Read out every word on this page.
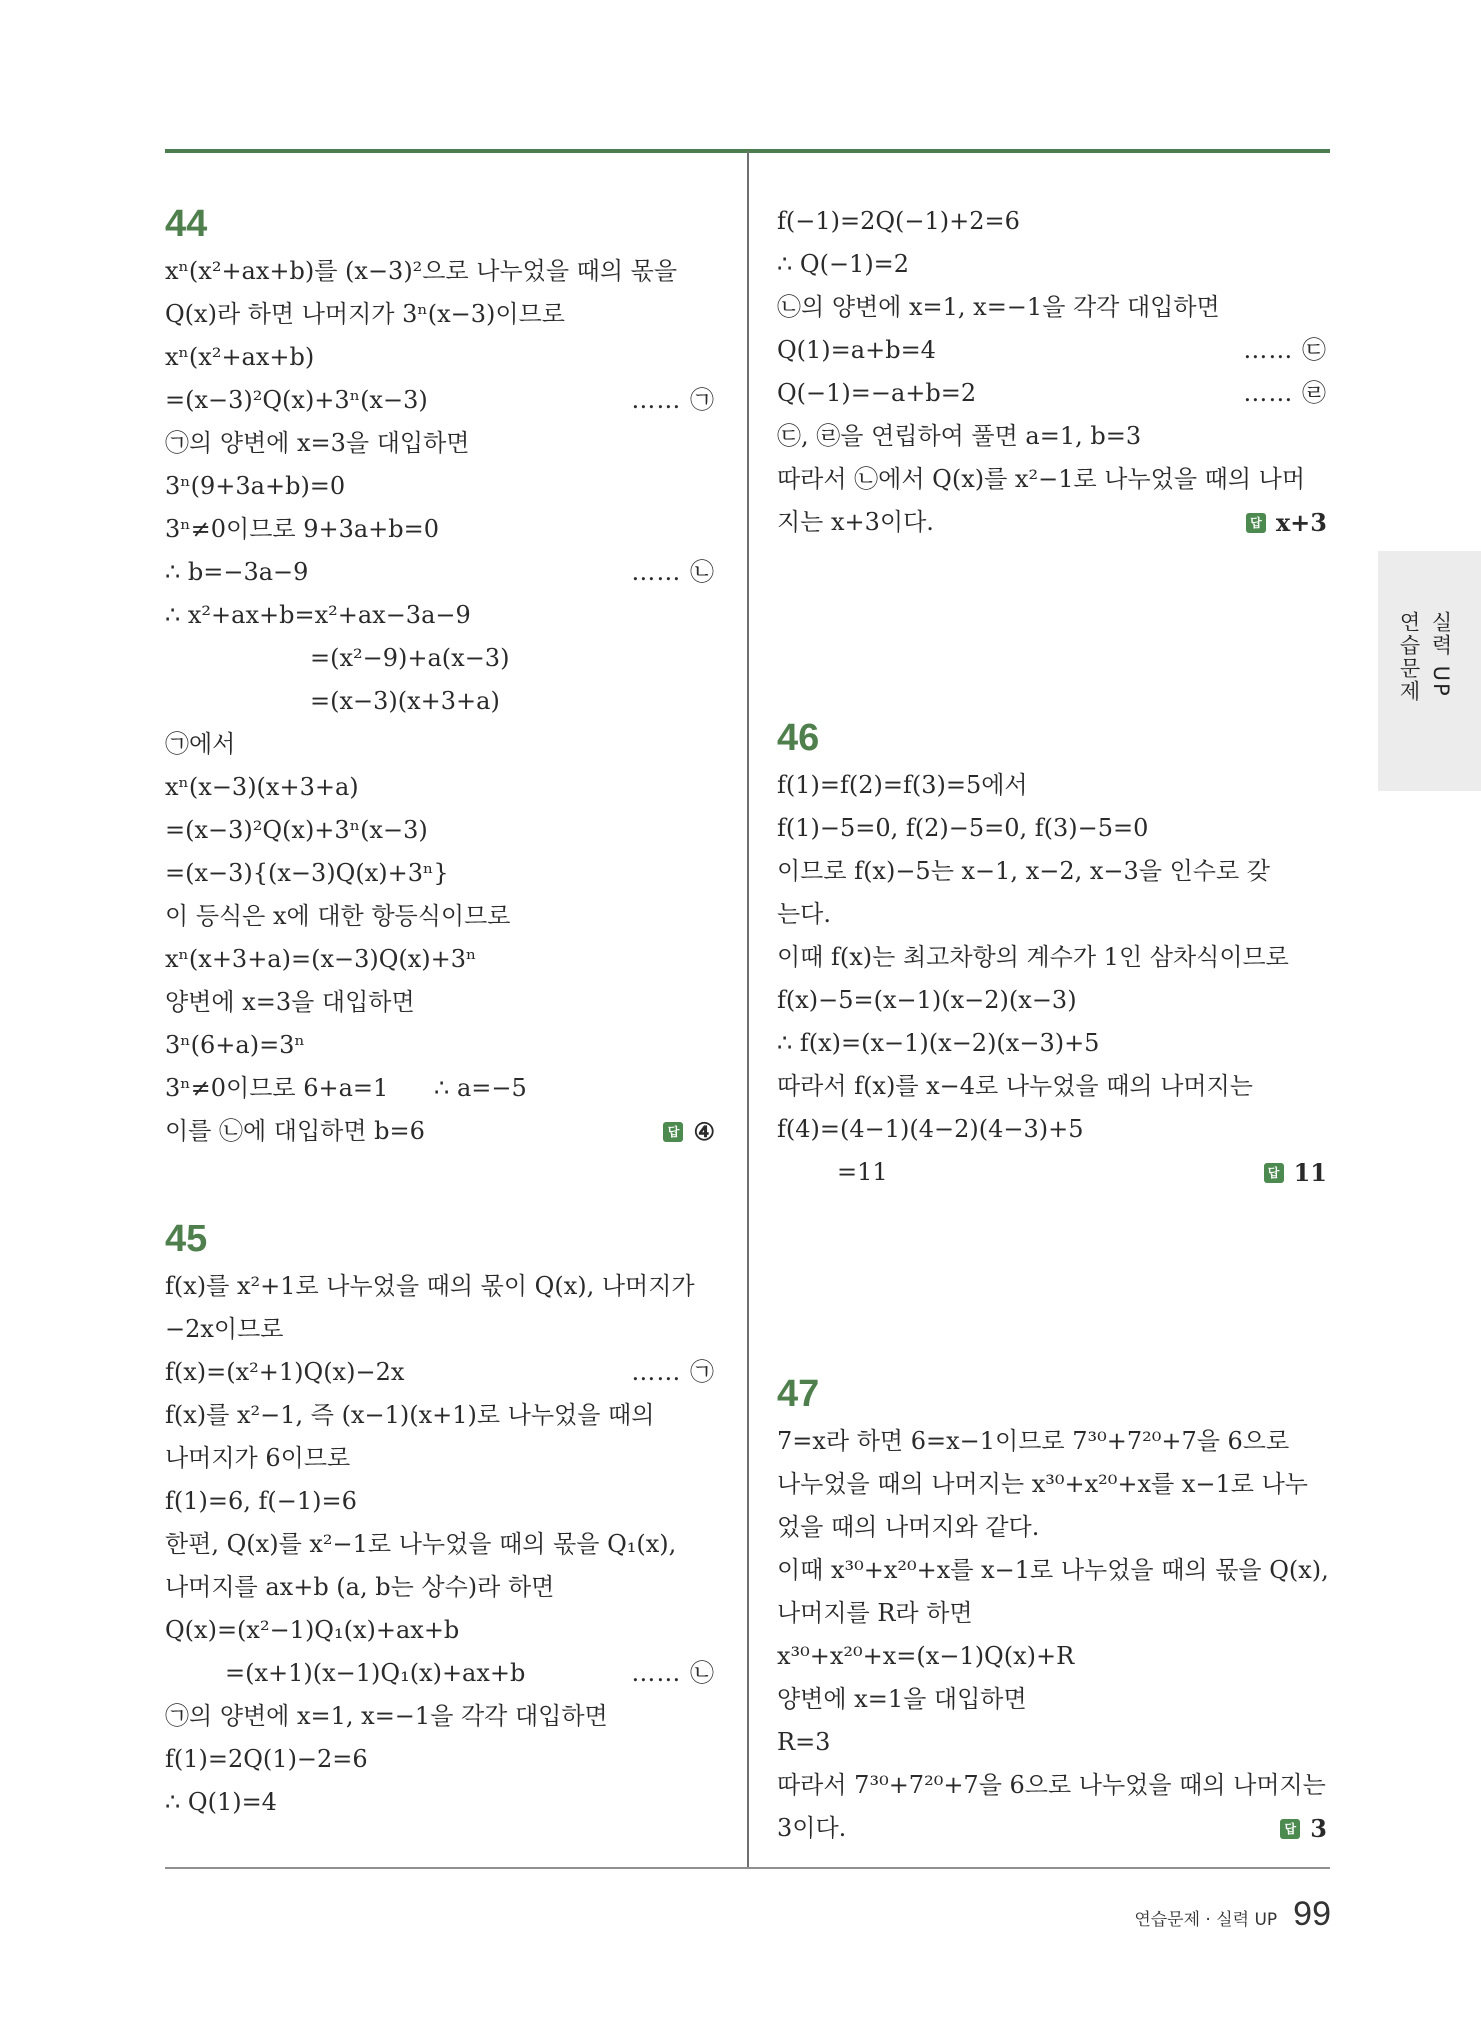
44
xⁿ(x²+ax+b)를 (x−3)²으로 나누었을 때의 몫을
Q(x)라 하면 나머지가 3ⁿ(x−3)이므로
xⁿ(x²+ax+b)
=(x−3)²Q(x)+3ⁿ(x−3)	…… ㉠
㉠의 양변에 x=3을 대입하면
3ⁿ(9+3a+b)=0
3ⁿ≠0이므로 9+3a+b=0
∴ b=−3a−9	…… ㉡
∴ x²+ax+b=x²+ax−3a−9
=(x²−9)+a(x−3)
=(x−3)(x+3+a)
㉠에서
xⁿ(x−3)(x+3+a)
=(x−3)²Q(x)+3ⁿ(x−3)
=(x−3){(x−3)Q(x)+3ⁿ}
이 등식은 x에 대한 항등식이므로
xⁿ(x+3+a)=(x−3)Q(x)+3ⁿ
양변에 x=3을 대입하면
3ⁿ(6+a)=3ⁿ
3ⁿ≠0이므로 6+a=1      ∴ a=−5
이를 ㉡에 대입하면 b=6	답 ④
45
f(x)를 x²+1로 나누었을 때의 몫이 Q(x), 나머지가
−2x이므로
f(x)=(x²+1)Q(x)−2x	…… ㉠
f(x)를 x²−1, 즉 (x−1)(x+1)로 나누었을 때의
나머지가 6이므로
f(1)=6, f(−1)=6
한편, Q(x)를 x²−1로 나누었을 때의 몫을 Q₁(x),
나머지를 ax+b (a, b는 상수)라 하면
Q(x)=(x²−1)Q₁(x)+ax+b
=(x+1)(x−1)Q₁(x)+ax+b	…… ㉡
㉠의 양변에 x=1, x=−1을 각각 대입하면
f(1)=2Q(1)−2=6
∴ Q(1)=4
f(−1)=2Q(−1)+2=6
∴ Q(−1)=2
㉡의 양변에 x=1, x=−1을 각각 대입하면
Q(1)=a+b=4	…… ㉢
Q(−1)=−a+b=2	…… ㉣
㉢, ㉣을 연립하여 풀면 a=1, b=3
따라서 ㉡에서 Q(x)를 x²−1로 나누었을 때의 나머
지는 x+3이다.	답 x+3
46
f(1)=f(2)=f(3)=5에서
f(1)−5=0, f(2)−5=0, f(3)−5=0
이므로 f(x)−5는 x−1, x−2, x−3을 인수로 갖
는다.
이때 f(x)는 최고차항의 계수가 1인 삼차식이므로
f(x)−5=(x−1)(x−2)(x−3)
∴ f(x)=(x−1)(x−2)(x−3)+5
따라서 f(x)를 x−4로 나누었을 때의 나머지는
f(4)=(4−1)(4−2)(4−3)+5
=11	답 11
47
7=x라 하면 6=x−1이므로 7³⁰+7²⁰+7을 6으로
나누었을 때의 나머지는 x³⁰+x²⁰+x를 x−1로 나누
었을 때의 나머지와 같다.
이때 x³⁰+x²⁰+x를 x−1로 나누었을 때의 몫을 Q(x),
나머지를 R라 하면
x³⁰+x²⁰+x=(x−1)Q(x)+R
양변에 x=1을 대입하면
R=3
따라서 7³⁰+7²⁰+7을 6으로 나누었을 때의 나머지는
3이다.	답 3
실력 UP
연습문제
연습문제 · 실력 UP 99
